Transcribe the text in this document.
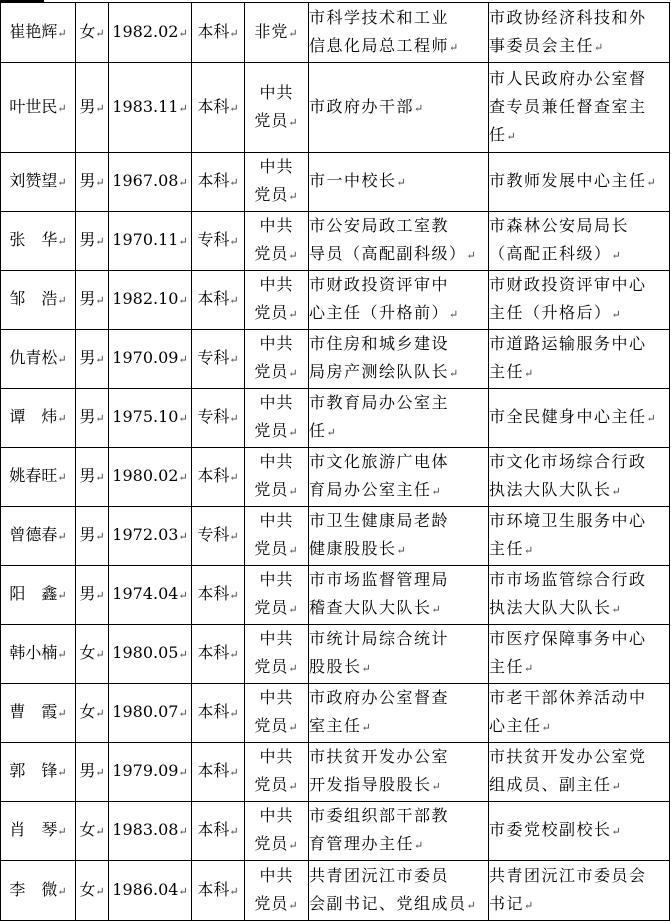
崔艳辉 ↵	女 ↵	1982.02 ↵	本科 ↵	非党 ↵	市科学技术和工业
信息化局总工程师 ↵	市政协经济科技和外
事委员会主任 ↵

叶世民 ↵	男 ↵	1983.11 ↵	本科 ↵	中共
党员 ↵	市政府办干部 ↵	市人民政府办公室督
查专员兼任督查室主
任 ↵

刘赞望 ↵	男 ↵	1967.08 ↵	本科 ↵	中共
党员 ↵	市一中校长 ↵	市教师发展中心主任 ↵

张　华 ↵	男 ↵	1970.11 ↵	专科 ↵	中共
党员 ↵	市公安局政工室教
导员（高配副科级） ↵	市森林公安局局长
（高配正科级） ↵

邹　浩 ↵	男 ↵	1982.10 ↵	本科 ↵	中共
党员 ↵	市财政投资评审中
心主任（升格前） ↵	市财政投资评审中心
主任（升格后） ↵

仇青松 ↵	男 ↵	1970.09 ↵	专科 ↵	中共
党员 ↵	市住房和城乡建设
局房产测绘队队长 ↵	市道路运输服务中心
主任 ↵

谭　炜 ↵	男 ↵	1975.10 ↵	专科 ↵	中共
党员 ↵	市教育局办公室主
任 ↵	市全民健身中心主任 ↵

姚春旺 ↵	男 ↵	1980.02 ↵	本科 ↵	中共
党员 ↵	市文化旅游广电体
育局办公室主任 ↵	市文化市场综合行政
执法大队大队长 ↵

曾德春 ↵	男 ↵	1972.03 ↵	专科 ↵	中共
党员 ↵	市卫生健康局老龄
健康股股长 ↵	市环境卫生服务中心
主任 ↵

阳　鑫 ↵	男 ↵	1974.04 ↵	本科 ↵	中共
党员 ↵	市市场监督管理局
稽查大队大队长 ↵	市市场监管综合行政
执法大队大队长 ↵

韩小楠 ↵	女 ↵	1980.05 ↵	本科 ↵	中共
党员 ↵	市统计局综合统计
股股长 ↵	市医疗保障事务中心
主任 ↵

曹　霞 ↵	女 ↵	1980.07 ↵	本科 ↵	中共
党员 ↵	市政府办公室督查
室主任 ↵	市老干部休养活动中
心主任 ↵

郭　锋 ↵	男 ↵	1979.09 ↵	本科 ↵	中共
党员 ↵	市扶贫开发办公室
开发指导股股长 ↵	市扶贫开发办公室党
组成员、副主任 ↵

肖　琴 ↵	女 ↵	1983.08 ↵	本科 ↵	中共
党员 ↵	市委组织部干部教
育管理办主任 ↵	市委党校副校长 ↵

李　微 ↵	女 ↵	1986.04 ↵	本科 ↵	中共
党员 ↵	共青团沅江市委员
会副书记、党组成员 ↵	共青团沅江市委员会
书记 ↵
